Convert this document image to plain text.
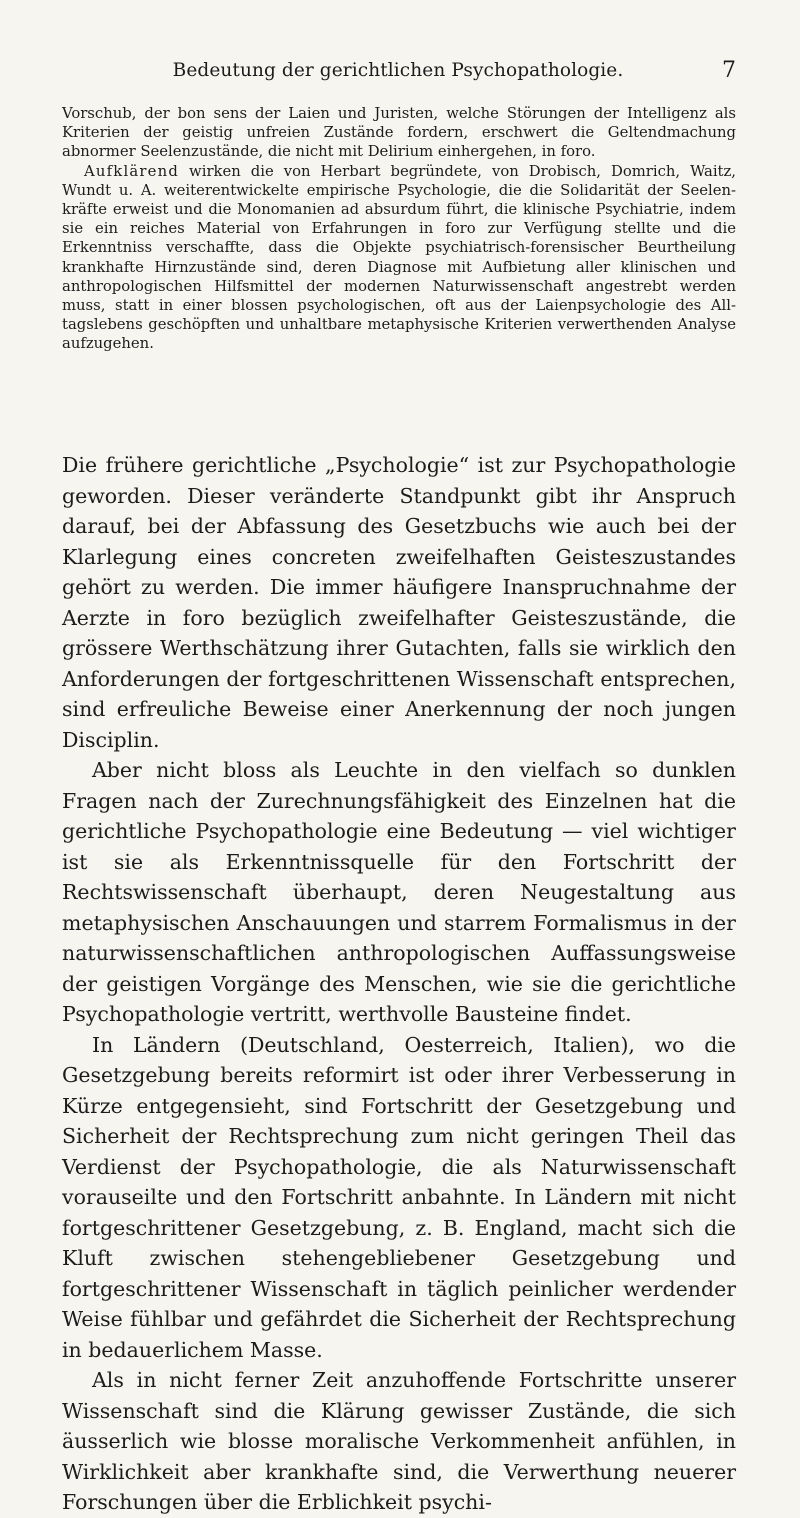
Bedeutung der gerichtlichen Psychopathologie.	7

Vorschub, der bon sens der Laien und Juristen, welche Störungen der Intelligenz als Kriterien der geistig unfreien Zustände fordern, erschwert die Geltendmachung abnormer Seelenzustände, die nicht mit Delirium einhergehen, in foro.

Aufklärend wirken die von Herbart begründete, von Drobisch, Domrich, Waitz, Wundt u. A. weiterentwickelte empirische Psychologie, die die Solidarität der Seelenkräfte erweist und die Monomanien ad absurdum führt, die klinische Psychiatrie, indem sie ein reiches Material von Erfahrungen in foro zur Verfügung stellte und die Erkenntniss verschaffte, dass die Objekte psychiatrisch-forensischer Beurtheilung krankhafte Hirnzustände sind, deren Diagnose mit Aufbietung aller klinischen und anthropologischen Hilfsmittel der modernen Naturwissenschaft angestrebt werden muss, statt in einer blossen psychologischen, oft aus der Laienpsychologie des Alltagslebens geschöpften und unhaltbare metaphysische Kriterien verwerthenden Analyse aufzugehen.

Die frühere gerichtliche „Psychologie“ ist zur Psychopathologie geworden. Dieser veränderte Standpunkt gibt ihr Anspruch darauf, bei der Abfassung des Gesetzbuchs wie auch bei der Klarlegung eines concreten zweifelhaften Geisteszustandes gehört zu werden. Die immer häufigere Inanspruchnahme der Aerzte in foro bezüglich zweifelhafter Geisteszustände, die grössere Werthschätzung ihrer Gutachten, falls sie wirklich den Anforderungen der fortgeschrittenen Wissenschaft entsprechen, sind erfreuliche Beweise einer Anerkennung der noch jungen Disciplin.

Aber nicht bloss als Leuchte in den vielfach so dunklen Fragen nach der Zurechnungsfähigkeit des Einzelnen hat die gerichtliche Psychopathologie eine Bedeutung — viel wichtiger ist sie als Erkenntnissquelle für den Fortschritt der Rechtswissenschaft überhaupt, deren Neugestaltung aus metaphysischen Anschauungen und starrem Formalismus in der naturwissenschaftlichen anthropologischen Auffassungsweise der geistigen Vorgänge des Menschen, wie sie die gerichtliche Psychopathologie vertritt, werthvolle Bausteine findet.

In Ländern (Deutschland, Oesterreich, Italien), wo die Gesetzgebung bereits reformirt ist oder ihrer Verbesserung in Kürze entgegensieht, sind Fortschritt der Gesetzgebung und Sicherheit der Rechtsprechung zum nicht geringen Theil das Verdienst der Psychopathologie, die als Naturwissenschaft vorauseilte und den Fortschritt anbahnte. In Ländern mit nicht fortgeschrittener Gesetzgebung, z. B. England, macht sich die Kluft zwischen stehengebliebener Gesetzgebung und fortgeschrittener Wissenschaft in täglich peinlicher werdender Weise fühlbar und gefährdet die Sicherheit der Rechtsprechung in bedauerlichem Masse.

Als in nicht ferner Zeit anzuhoffende Fortschritte unserer Wissenschaft sind die Klärung gewisser Zustände, die sich äusserlich wie blosse moralische Verkommenheit anfühlen, in Wirklichkeit aber krankhafte sind, die Verwerthung neuerer Forschungen über die Erblichkeit psychi-
